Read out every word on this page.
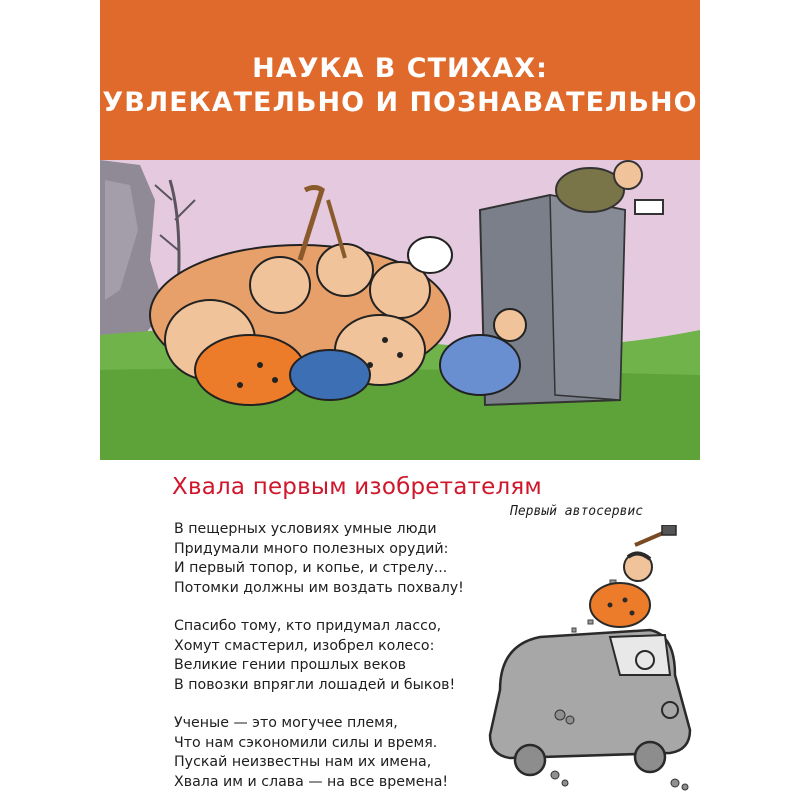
НАУКА В СТИХАХ:
УВЛЕКАТЕЛЬНО И ПОЗНАВАТЕЛЬНО
Хвала первым изобретателям
В пещерных условиях умные люди
Придумали много полезных орудий:
И первый топор, и копье, и стрелу...
Потомки должны им воздать похвалу!
Спасибо тому, кто придумал лассо,
Хомут смастерил, изобрел колесо:
Великие гении прошлых веков
В повозки впрягли лошадей и быков!
Ученые — это могучее племя,
Что нам сэкономили силы и время.
Пускай неизвестны нам их имена,
Хвала им и слава — на все времена!
Первый автосервис
